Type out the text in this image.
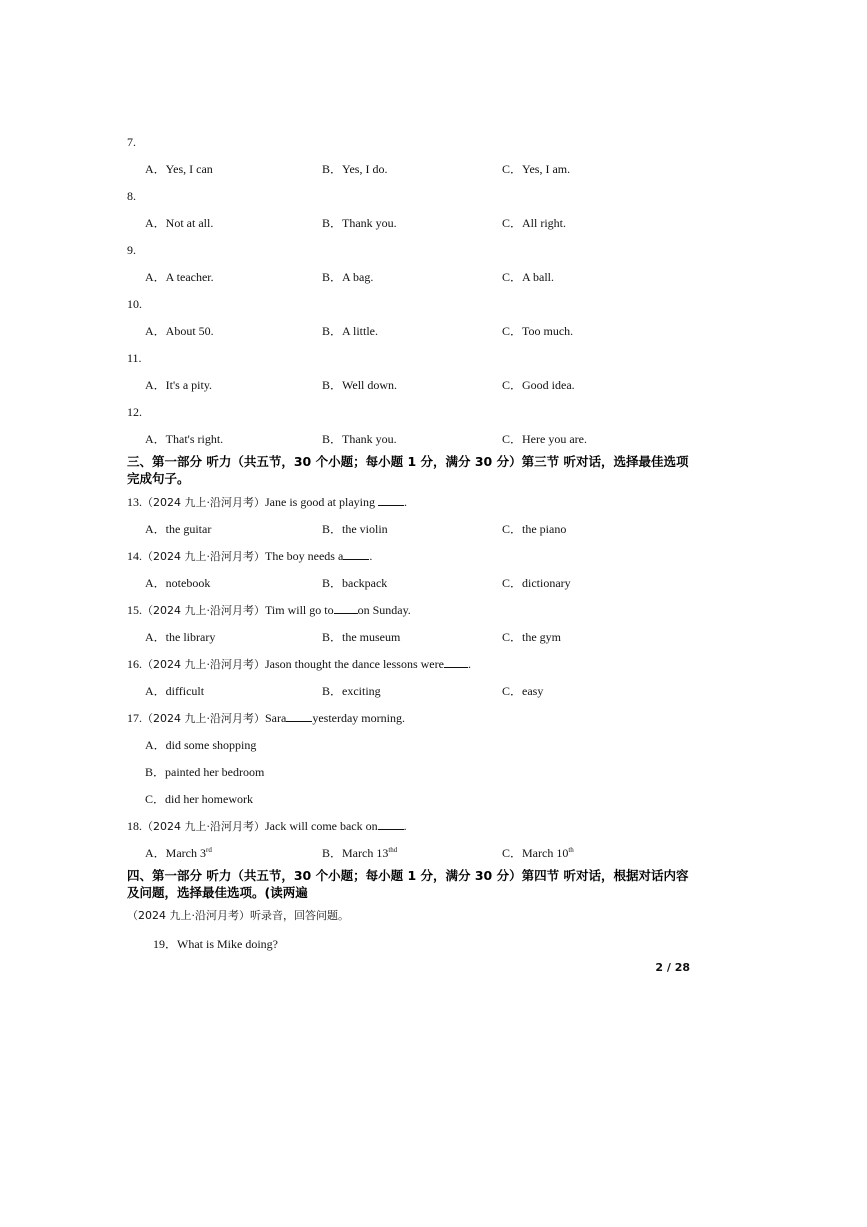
7.
A．Yes, I can	B．Yes, I do.	C．Yes, I am.
8.
A．Not at all.	B．Thank you.	C．All right.
9.
A．A teacher.	B．A bag.	C．A ball.
10.
A．About 50.	B．A little.	C．Too much.
11.
A．It's a pity.	B．Well down.	C．Good idea.
12.
A．That's right.	B．Thank you.	C．Here you are.
三、第一部分 听力（共五节，30 个小题；每小题 1 分，满分 30 分）第三节 听对话，选择最佳选项完成句子。
13.（2024 九上·沿河月考）Jane is good at playing .
A．the guitar	B．the violin	C．the piano
14.（2024 九上·沿河月考）The boy needs a .
A．notebook	B．backpack	C．dictionary
15.（2024 九上·沿河月考）Tim will go to on Sunday.
A．the library	B．the museum	C．the gym
16.（2024 九上·沿河月考）Jason thought the dance lessons were .
A．difficult	B．exciting	C．easy
17.（2024 九上·沿河月考）Sara yesterday morning.
A．did some shopping
B．painted her bedroom
C．did her homework
18.（2024 九上·沿河月考）Jack will come back on .
A．March 3rd	B．March $13^{thd}$	C．March 10th
四、第一部分 听力（共五节，30 个小题；每小题 1 分，满分 30 分）第四节 听对话，根据对话内容及问题，选择最佳选项。(读两遍
（2024 九上·沿河月考）听录音，回答问题。
19．What is Mike doing?
2 / 28
